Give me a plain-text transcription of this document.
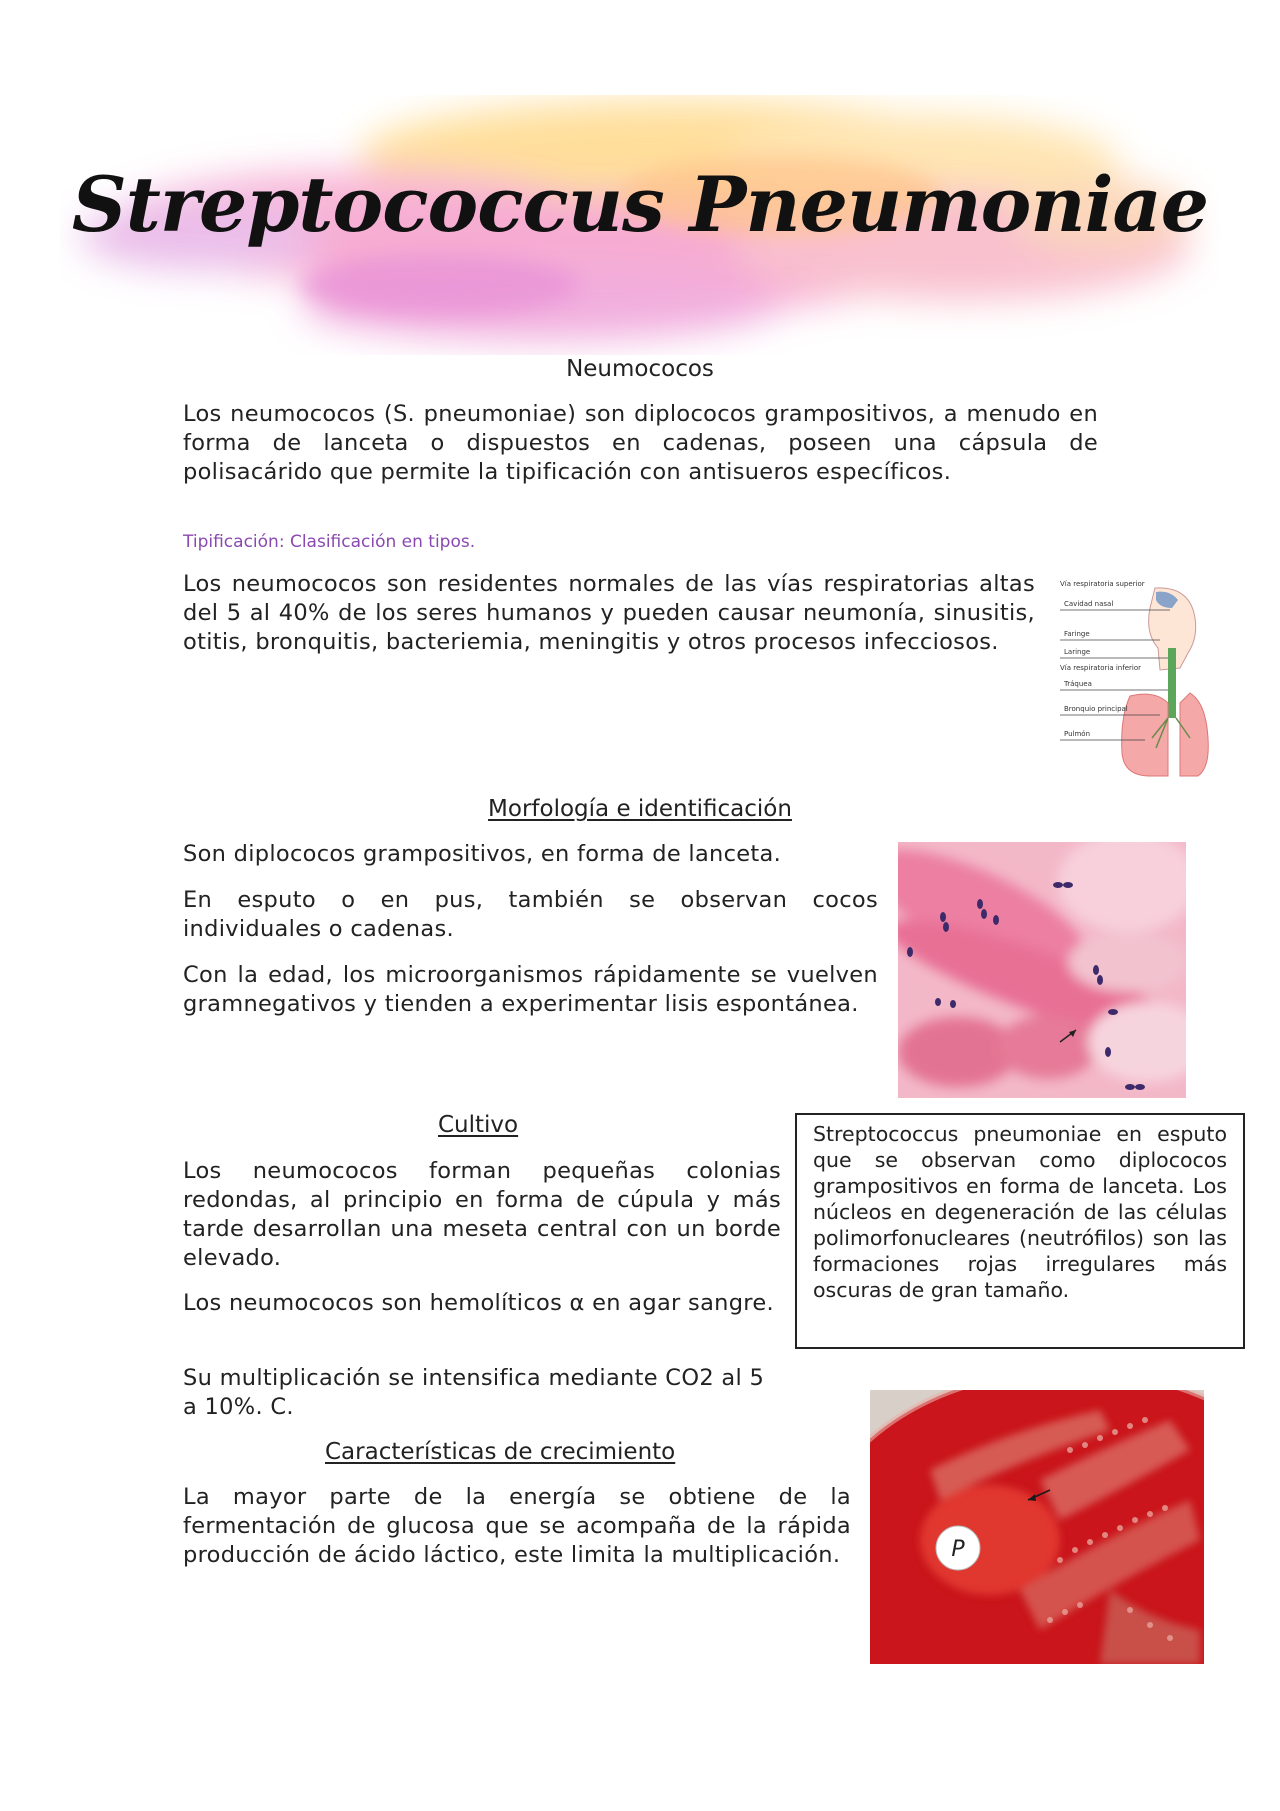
Streptococcus Pneumoniae
Neumococos
Los neumococos (S. pneumoniae) son diplococos grampositivos, a menudo en forma de lanceta o dispuestos en cadenas, poseen una cápsula de polisacárido que permite la tipificación con antisueros específicos.
Tipificación: Clasificación en tipos.
Los neumococos son residentes normales de las vías respiratorias altas del 5 al 40% de los seres humanos y pueden causar neumonía, sinusitis, otitis, bronquitis, bacteriemia, meningitis y otros procesos infecciosos.
Vía respiratoria superior
Cavidad nasal
Faringe
Laringe
Vía respiratoria inferior
Tráquea
Bronquio principal
Pulmón
Morfología e identificación
Son diplococos grampositivos, en forma de lanceta.
En esputo o en pus, también se observan cocos individuales o cadenas.
Con la edad, los microorganismos rápidamente se vuelven gramnegativos y tienden a experimentar lisis espontánea.
Cultivo
Los neumococos forman pequeñas colonias redondas, al principio en forma de cúpula y más tarde desarrollan una meseta central con un borde elevado.
Los neumococos son hemolíticos α en agar sangre.
Su multiplicación se intensifica mediante CO2 al 5 a 10%. C.
Streptococcus pneumoniae en esputo que se observan como diplococos grampositivos en forma de lanceta. Los núcleos en degeneración de las células polimorfonucleares (neutrófilos) son las formaciones rojas irregulares más oscuras de gran tamaño.
Características de crecimiento
La mayor parte de la energía se obtiene de la fermentación de glucosa que se acompaña de la rápida producción de ácido láctico, este limita la multiplicación.	P
